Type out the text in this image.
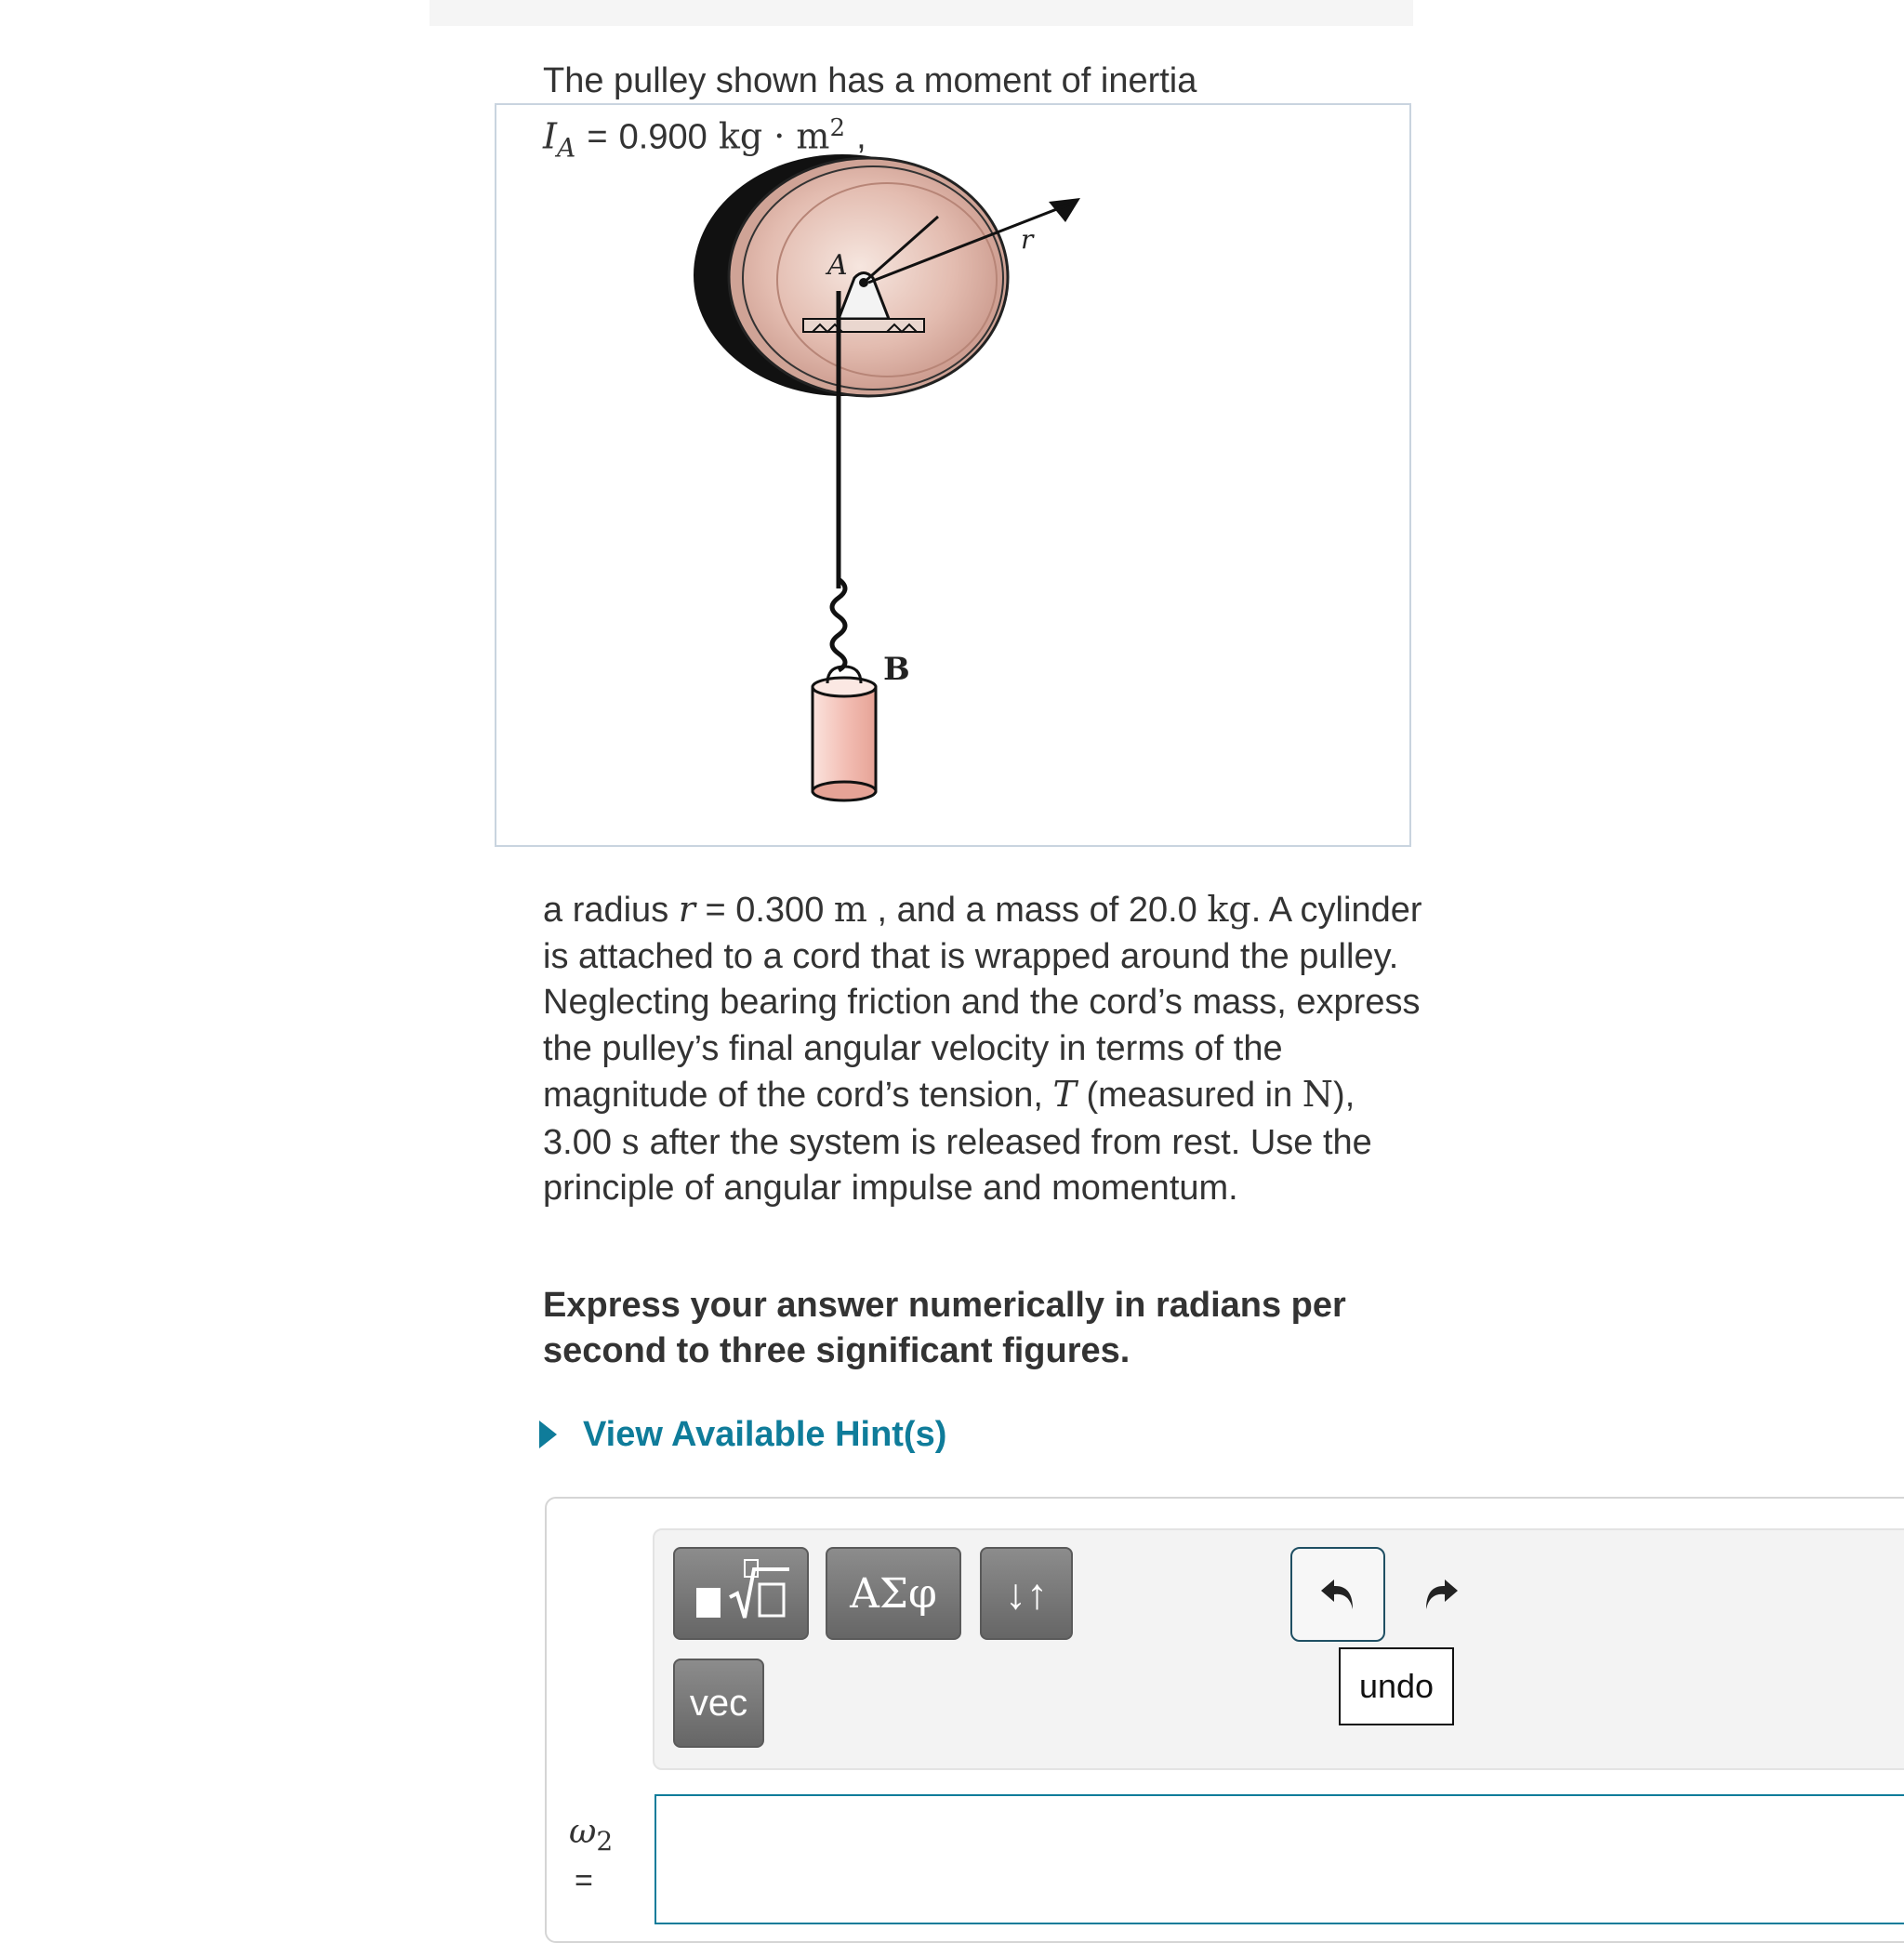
The pulley shown has a moment of inertia
A
r
B
$I_A = 0.900$ kg · $m^2$ ,
a radius r = 0.300 m , and a mass of 20.0 kg. A cylinder is attached to a cord that is wrapped around the pulley. Neglecting bearing friction and the cord’s mass, express the pulley’s final angular velocity in terms of the magnitude of the cord’s tension, T (measured in N), 3.00 s after the system is released from rest. Use the principle of angular impulse and momentum.
Express your answer numerically in radians per second to three significant figures.
View Available Hint(s)
ΑΣφ	↓↑
vec	undo
$\omega_2$
=
